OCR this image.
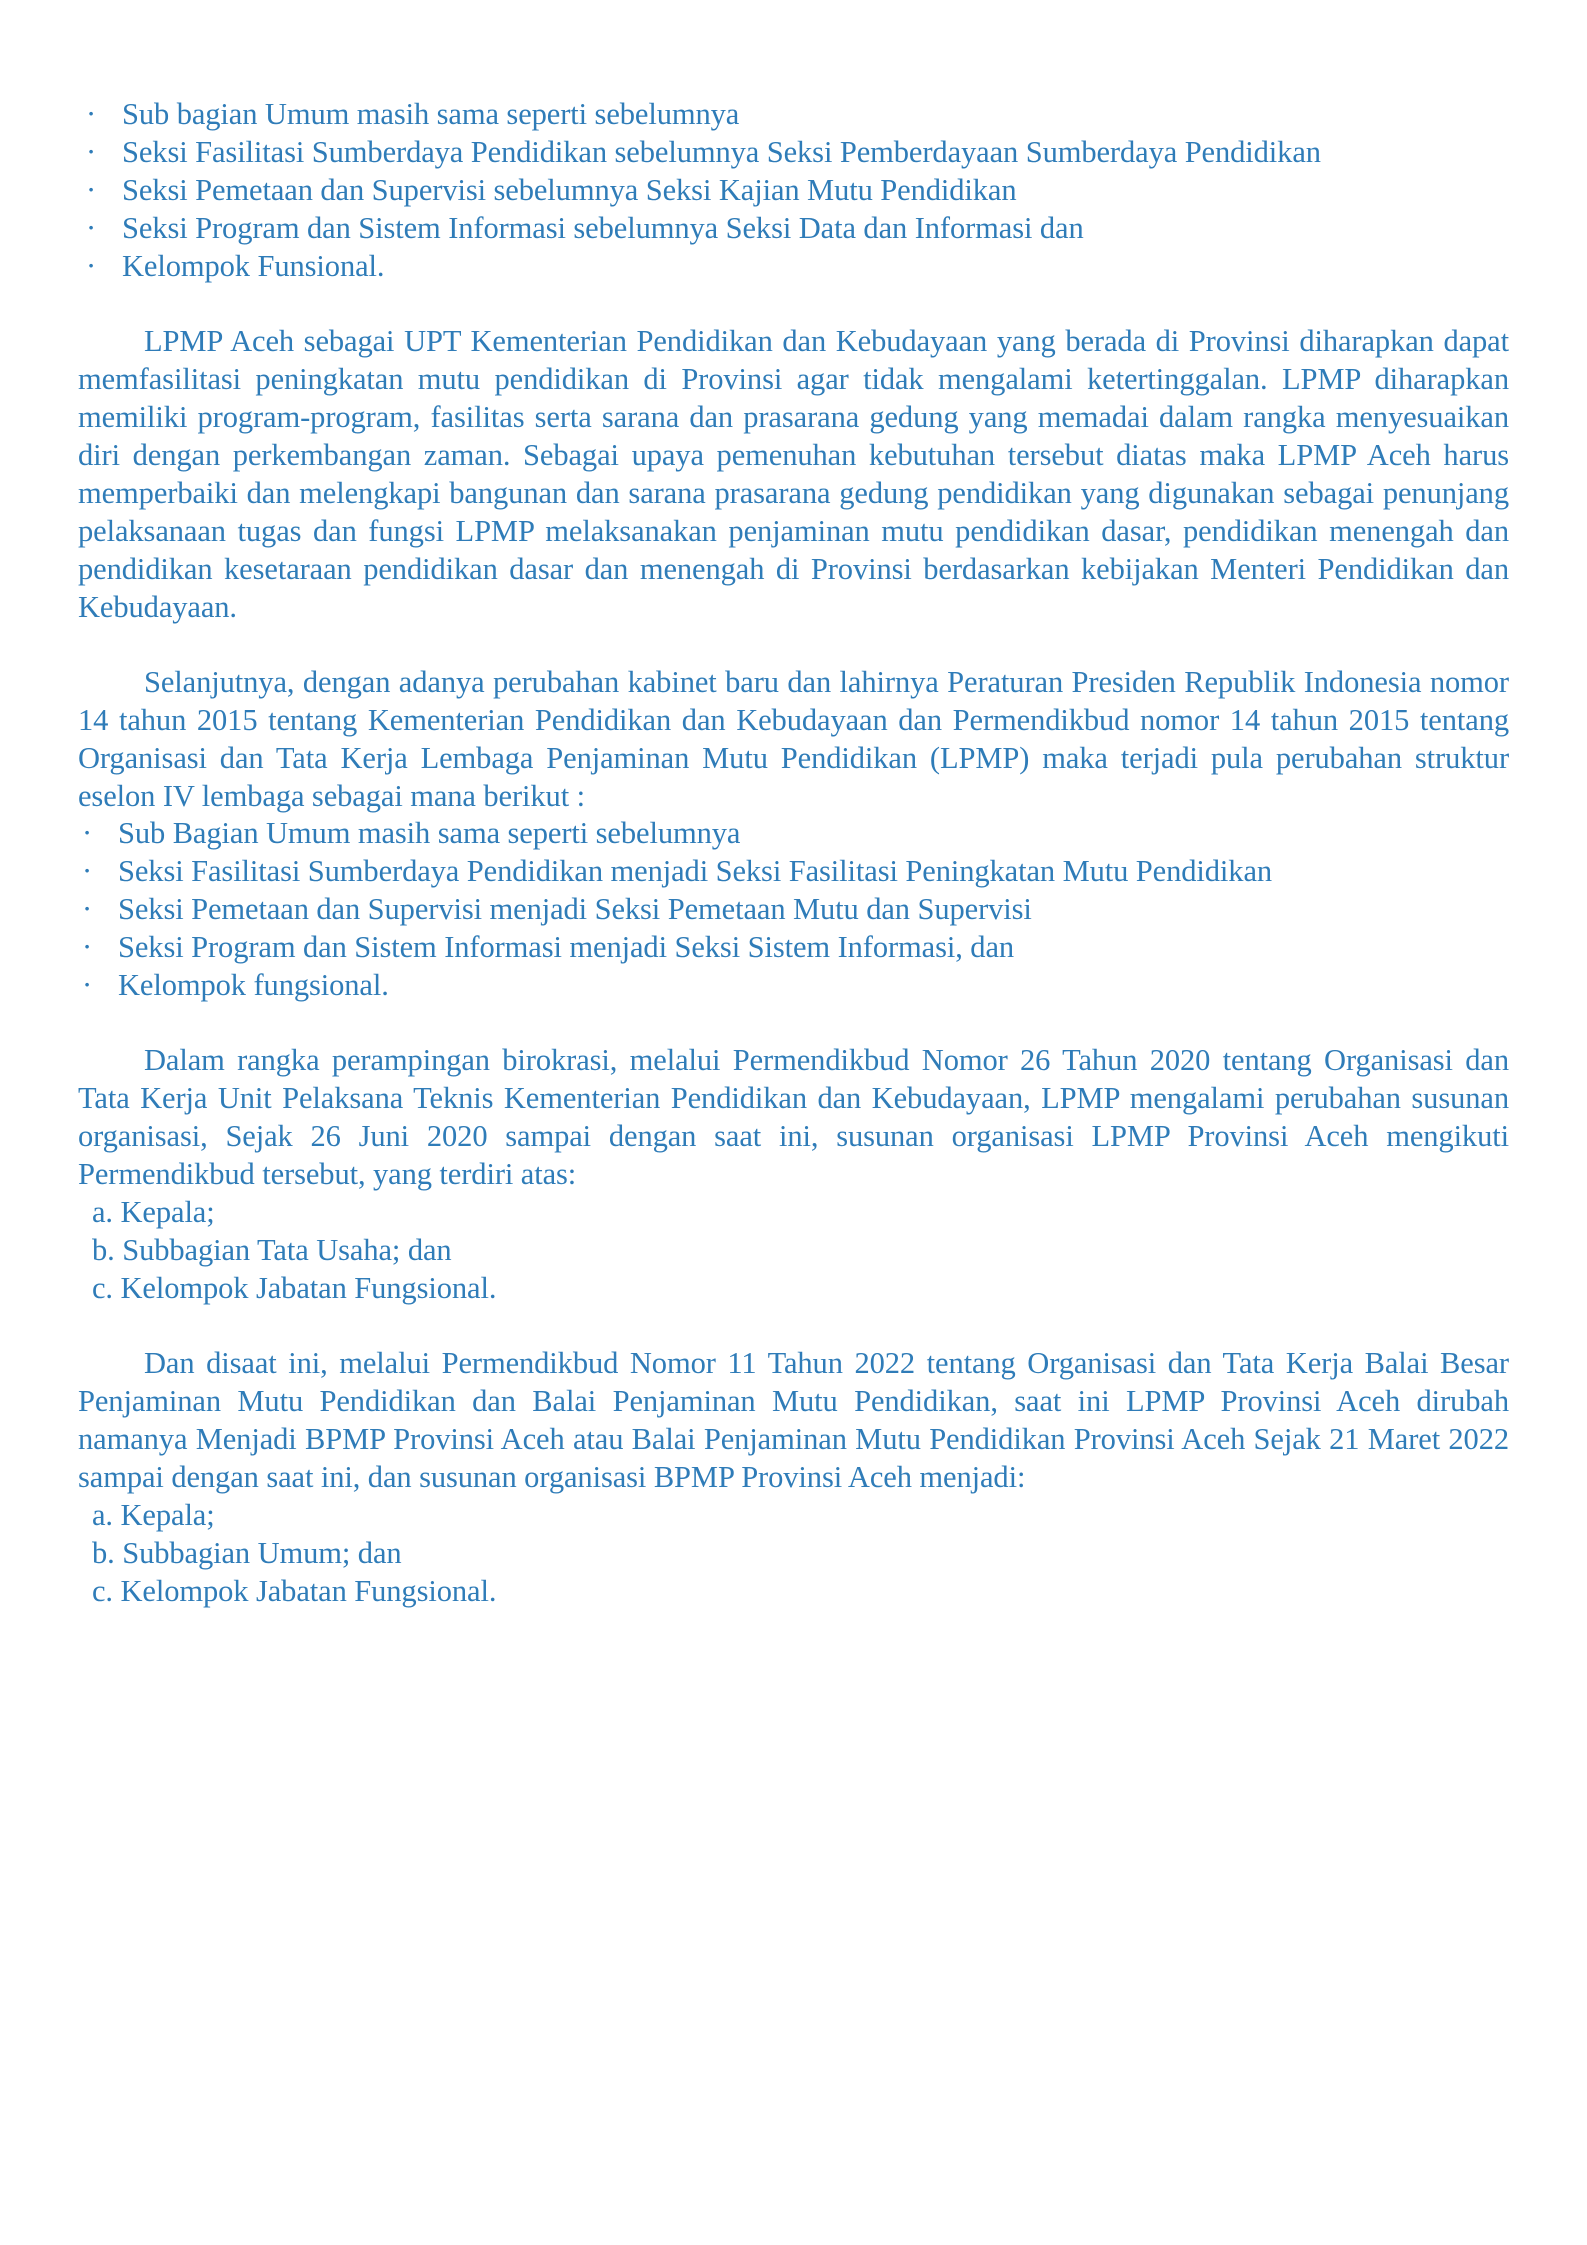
· Sub bagian Umum masih sama seperti sebelumnya
· Seksi Fasilitasi Sumberdaya Pendidikan sebelumnya Seksi Pemberdayaan Sumberdaya Pendidikan
· Seksi Pemetaan dan Supervisi sebelumnya Seksi Kajian Mutu Pendidikan
· Seksi Program dan Sistem Informasi sebelumnya Seksi Data dan Informasi dan
· Kelompok Funsional.

LPMP Aceh sebagai UPT Kementerian Pendidikan dan Kebudayaan yang berada di Provinsi diharapkan dapat memfasilitasi peningkatan mutu pendidikan di Provinsi agar tidak mengalami ketertinggalan. LPMP diharapkan memiliki program-program, fasilitas serta sarana dan prasarana gedung yang memadai dalam rangka menyesuaikan diri dengan perkembangan zaman. Sebagai upaya pemenuhan kebutuhan tersebut diatas maka LPMP Aceh harus memperbaiki dan melengkapi bangunan dan sarana prasarana gedung pendidikan yang digunakan sebagai penunjang pelaksanaan tugas dan fungsi LPMP melaksanakan penjaminan mutu pendidikan dasar, pendidikan menengah dan pendidikan kesetaraan pendidikan dasar dan menengah di Provinsi berdasarkan kebijakan Menteri Pendidikan dan Kebudayaan.

Selanjutnya, dengan adanya perubahan kabinet baru dan lahirnya Peraturan Presiden Republik Indonesia nomor 14 tahun 2015 tentang Kementerian Pendidikan dan Kebudayaan dan Permendikbud nomor 14 tahun 2015 tentang Organisasi dan Tata Kerja Lembaga Penjaminan Mutu Pendidikan (LPMP) maka terjadi pula perubahan struktur eselon IV lembaga sebagai mana berikut :

· Sub Bagian Umum masih sama seperti sebelumnya
· Seksi Fasilitasi Sumberdaya Pendidikan menjadi Seksi Fasilitasi Peningkatan Mutu Pendidikan
· Seksi Pemetaan dan Supervisi menjadi Seksi Pemetaan Mutu dan Supervisi
· Seksi Program dan Sistem Informasi menjadi Seksi Sistem Informasi, dan
· Kelompok fungsional.

Dalam rangka perampingan birokrasi, melalui Permendikbud Nomor 26 Tahun 2020 tentang Organisasi dan Tata Kerja Unit Pelaksana Teknis Kementerian Pendidikan dan Kebudayaan, LPMP mengalami perubahan susunan organisasi, Sejak 26 Juni 2020 sampai dengan saat ini, susunan organisasi LPMP Provinsi Aceh mengikuti Permendikbud tersebut, yang terdiri atas:

a. Kepala;
b. Subbagian Tata Usaha; dan
c. Kelompok Jabatan Fungsional.

Dan disaat ini, melalui Permendikbud Nomor 11 Tahun 2022 tentang Organisasi dan Tata Kerja Balai Besar Penjaminan Mutu Pendidikan dan Balai Penjaminan Mutu Pendidikan, saat ini LPMP Provinsi Aceh dirubah namanya Menjadi BPMP Provinsi Aceh atau Balai Penjaminan Mutu Pendidikan Provinsi Aceh Sejak 21 Maret 2022 sampai dengan saat ini, dan susunan organisasi BPMP Provinsi Aceh menjadi:

a. Kepala;
b. Subbagian Umum; dan
c. Kelompok Jabatan Fungsional.
